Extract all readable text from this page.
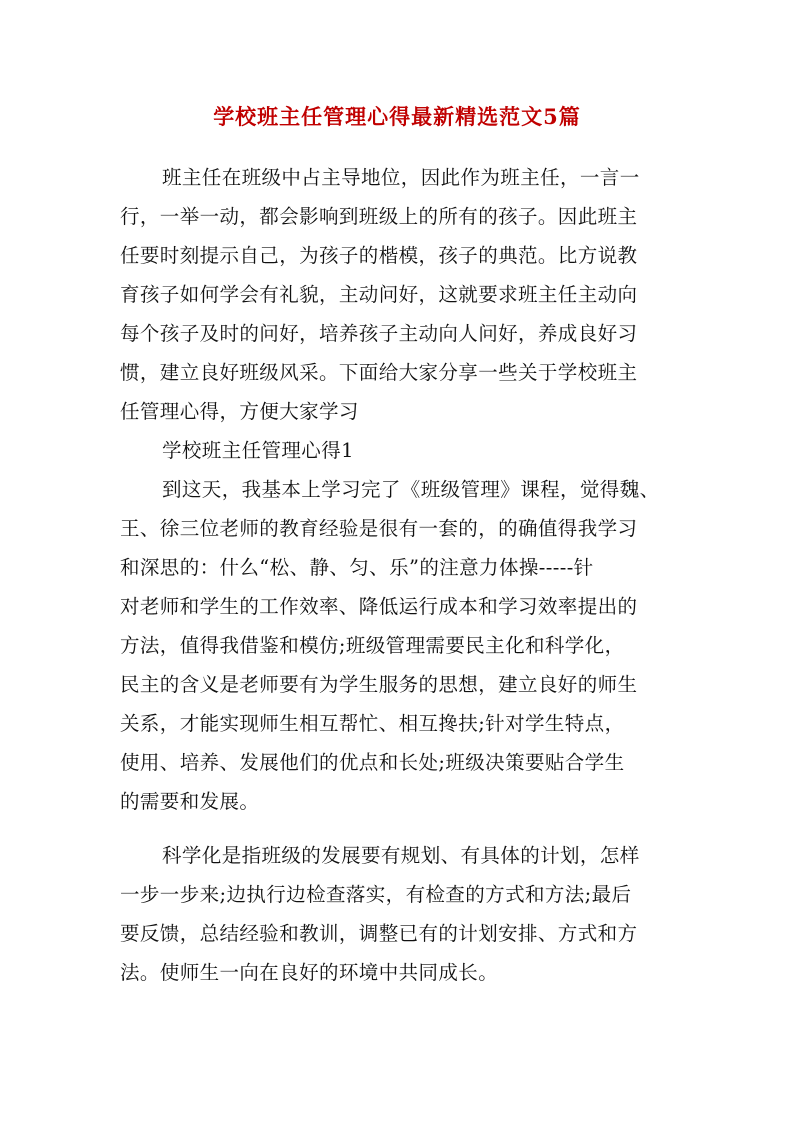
学校班主任管理心得最新精选范文5篇
班主任在班级中占主导地位，因此作为班主任，一言一
行，一举一动，都会影响到班级上的所有的孩子。因此班主
任要时刻提示自己，为孩子的楷模，孩子的典范。比方说教
育孩子如何学会有礼貌，主动问好，这就要求班主任主动向
每个孩子及时的问好，培养孩子主动向人问好，养成良好习
惯，建立良好班级风采。下面给大家分享一些关于学校班主
任管理心得，方便大家学习
学校班主任管理心得1
到这天，我基本上学习完了《班级管理》课程，觉得魏、
王、徐三位老师的教育经验是很有一套的，的确值得我学习
和深思的：什么“松、静、匀、乐”的注意力体操-----针
对老师和学生的工作效率、降低运行成本和学习效率提出的
方法，值得我借鉴和模仿;班级管理需要民主化和科学化，
民主的含义是老师要有为学生服务的思想，建立良好的师生
关系，才能实现师生相互帮忙、相互搀扶;针对学生特点，
使用、培养、发展他们的优点和长处;班级决策要贴合学生
的需要和发展。
科学化是指班级的发展要有规划、有具体的计划，怎样
一步一步来;边执行边检查落实，有检查的方式和方法;最后
要反馈，总结经验和教训，调整已有的计划安排、方式和方
法。使师生一向在良好的环境中共同成长。
